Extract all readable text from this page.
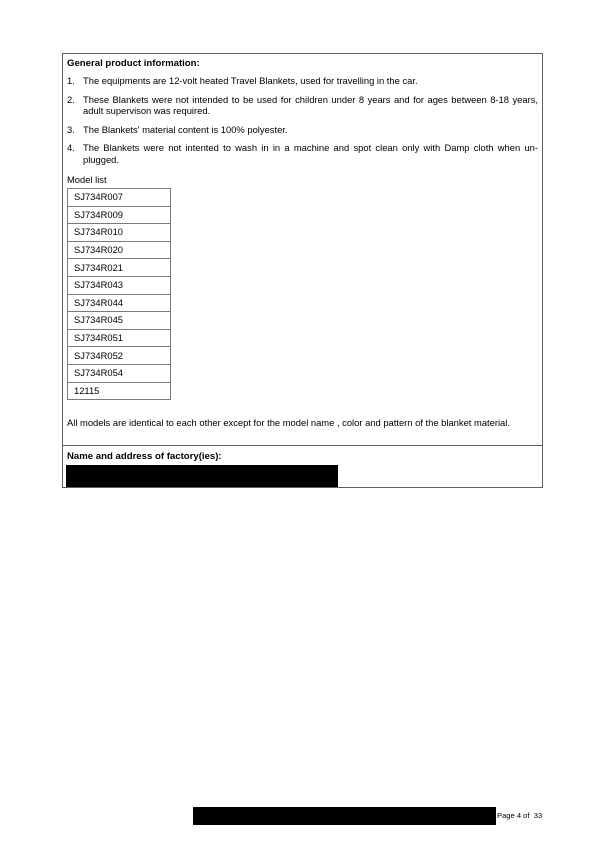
General product information:
1. The equipments are 12-volt heated Travel Blankets, used for travelling in the car.
2. These Blankets were not intended to be used for children under 8 years and for ages between 8-18 years, adult supervison was required.
3. The Blankets' material content is 100% polyester.
4. The Blankets were not intented to wash in in a machine and spot clean only with Damp cloth when un-plugged.
Model list
SJ734R007
SJ734R009
SJ734R010
SJ734R020
SJ734R021
SJ734R043
SJ734R044
SJ734R045
SJ734R051
SJ734R052
SJ734R054
12115
All models are identical to each other except for the model name , color and pattern of the blanket material.
Name and address of factory(ies):
Page 4 of 33
